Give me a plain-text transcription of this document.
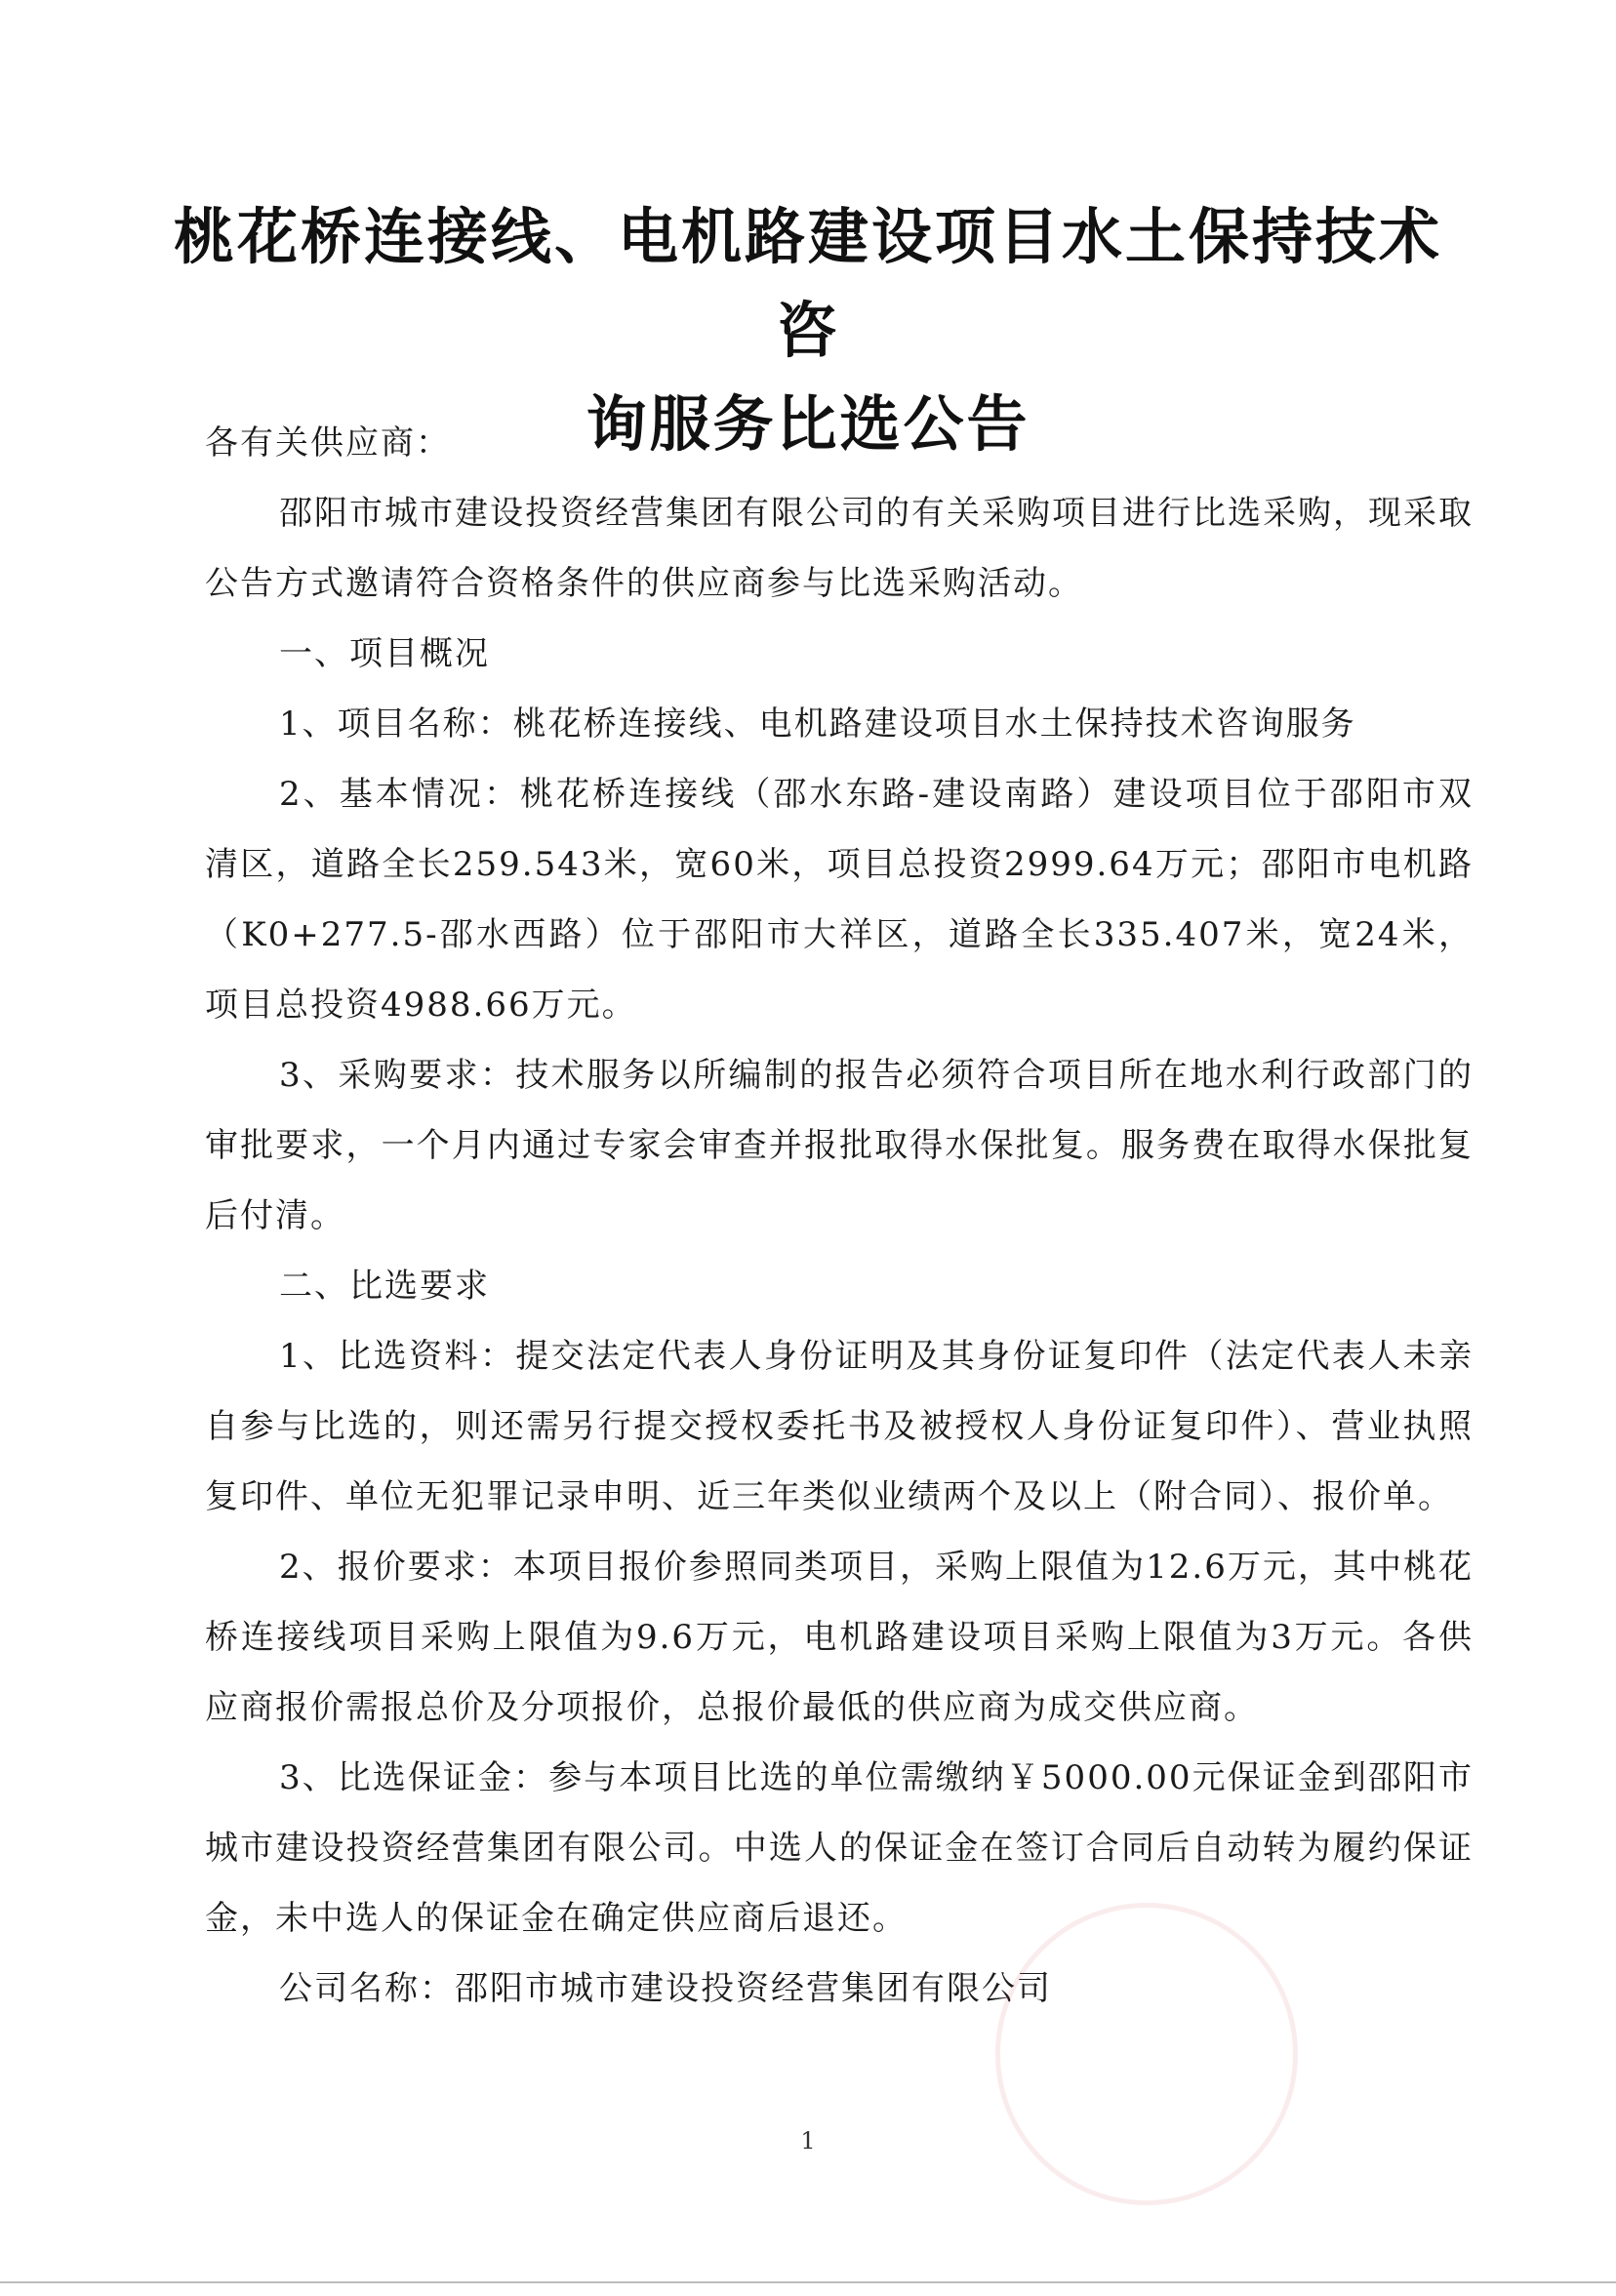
桃花桥连接线、电机路建设项目水土保持技术咨
询服务比选公告

各有关供应商：

邵阳市城市建设投资经营集团有限公司的有关采购项目进行比选采购，现采取公告方式邀请符合资格条件的供应商参与比选采购活动。

一、项目概况

1、项目名称：桃花桥连接线、电机路建设项目水土保持技术咨询服务

2、基本情况：桃花桥连接线（邵水东路-建设南路）建设项目位于邵阳市双清区，道路全长259.543米，宽60米，项目总投资2999.64万元；邵阳市电机路（K0+277.5-邵水西路）位于邵阳市大祥区，道路全长335.407米，宽24米，项目总投资4988.66万元。

3、采购要求：技术服务以所编制的报告必须符合项目所在地水利行政部门的审批要求，一个月内通过专家会审查并报批取得水保批复。服务费在取得水保批复后付清。

二、比选要求

1、比选资料：提交法定代表人身份证明及其身份证复印件（法定代表人未亲自参与比选的，则还需另行提交授权委托书及被授权人身份证复印件）、营业执照复印件、单位无犯罪记录申明、近三年类似业绩两个及以上（附合同）、报价单。

2、报价要求：本项目报价参照同类项目，采购上限值为12.6万元，其中桃花桥连接线项目采购上限值为9.6万元，电机路建设项目采购上限值为3万元。各供应商报价需报总价及分项报价，总报价最低的供应商为成交供应商。

3、比选保证金：参与本项目比选的单位需缴纳￥5000.00元保证金到邵阳市城市建设投资经营集团有限公司。中选人的保证金在签订合同后自动转为履约保证金，未中选人的保证金在确定供应商后退还。

公司名称：邵阳市城市建设投资经营集团有限公司

1
